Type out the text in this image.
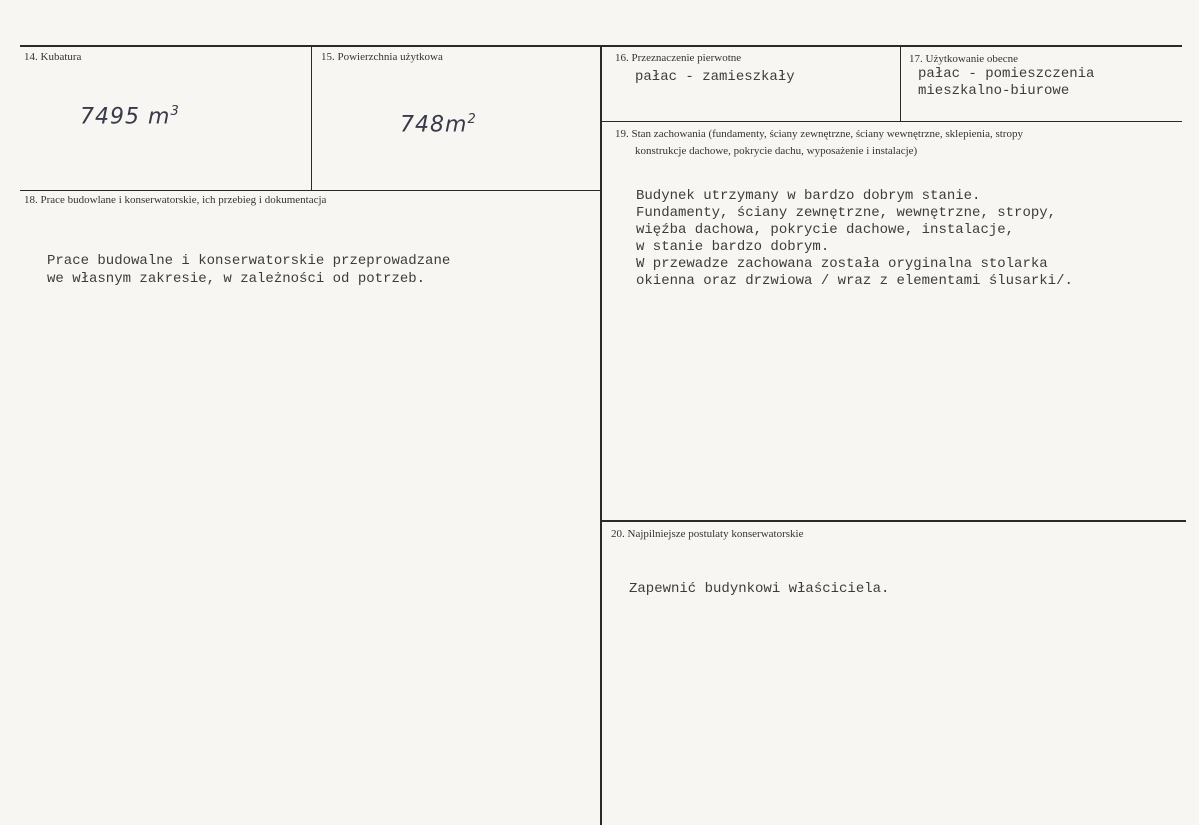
14. Kubatura
7495 $m^3$
15. Powierzchnia użytkowa
$748m^2$
16. Przeznaczenie pierwotne
pałac - zamieszkały
17. Użytkowanie obecne
pałac - pomieszczenia
mieszkalno-biurowe
18. Prace budowlane i konserwatorskie, ich przebieg i dokumentacja
Prace budowalne i konserwatorskie przeprowadzane
we własnym zakresie, w zależności od potrzeb.
19. Stan zachowania (fundamenty, ściany zewnętrzne, ściany wewnętrzne, sklepienia, stropy
konstrukcje dachowe, pokrycie dachu, wyposażenie i instalacje)
Budynek utrzymany w bardzo dobrym stanie.
Fundamenty, ściany zewnętrzne, wewnętrzne, stropy,
więźba dachowa, pokrycie dachowe, instalacje,
w stanie bardzo dobrym.
W przewadze zachowana została oryginalna stolarka
okienna oraz drzwiowa / wraz z elementami ślusarki/.
20. Najpilniejsze postulaty konserwatorskie
Zapewnić budynkowi właściciela.
